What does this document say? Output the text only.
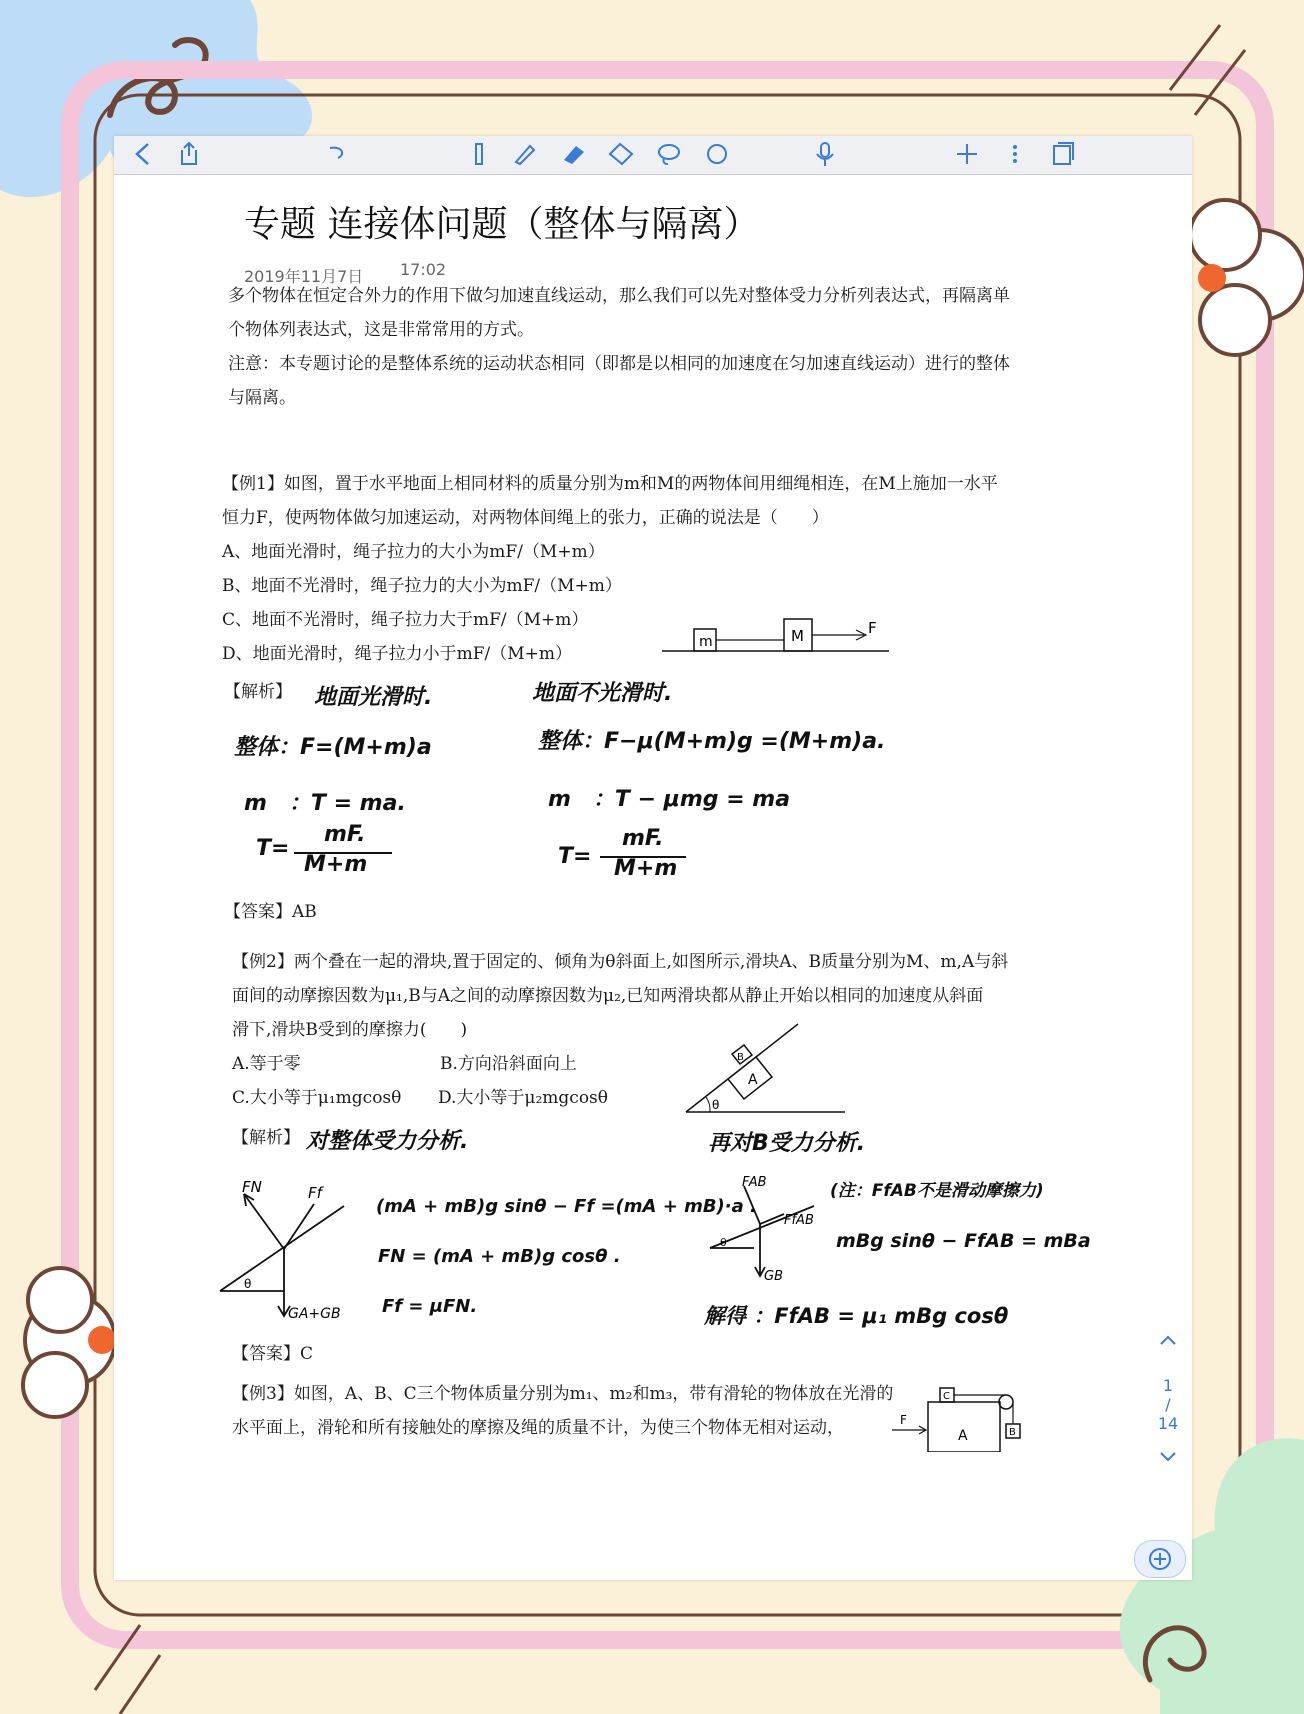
专题 连接体问题（整体与隔离）
2019年11月7日 17:02
多个物体在恒定合外力的作用下做匀加速直线运动，那么我们可以先对整体受力分析列表达式，再隔离单
个物体列表达式，这是非常常用的方式。
注意：本专题讨论的是整体系统的运动状态相同（即都是以相同的加速度在匀加速直线运动）进行的整体
与隔离。
【例1】如图，置于水平地面上相同材料的质量分别为m和M的两物体间用细绳相连，在M上施加一水平
恒力F，使两物体做匀加速运动，对两物体间绳上的张力，正确的说法是（　　）
A、地面光滑时，绳子拉力的大小为mF/（M+m）
B、地面不光滑时，绳子拉力的大小为mF/（M+m）
C、地面不光滑时，绳子拉力大于mF/（M+m）
D、地面光滑时，绳子拉力小于mF/（M+m）
m	M	F
【解析】 地面光滑时.
整体：F=(M+m)a
m　：T = ma.
T=
mF.
M+m
地面不光滑时.
整体：F−μ(M+m)g =(M+m)a.
m　：T − μmg = ma
T=
mF.
M+m
【答案】AB
【例2】两个叠在一起的滑块,置于固定的、倾角为θ斜面上,如图所示,滑块A、B质量分别为M、m,A与斜
面间的动摩擦因数为μ₁,B与A之间的动摩擦因数为μ₂,已知两滑块都从静止开始以相同的加速度从斜面
滑下,滑块B受到的摩擦力(　　)
A.等于零	B.方向沿斜面向上
C.大小等于μ₁mgcosθ D.大小等于μ₂mgcosθ
A
B
θ
【解析】 对整体受力分析.
FN	Ff
GA+GB
θ
(mA + mB)g sinθ − Ff =(mA + mB)·a .
FN = (mA + mB)g cosθ .
Ff = μFN.
再对B受力分析.
(注：FfAB不是滑动摩擦力)
FAB
FfAB
GB
θ	mBg sinθ − FfAB = mBa
解得 ：FfAB = μ₁ mBg cosθ
【答案】C
【例3】如图，A、B、C三个物体质量分别为m₁、m₂和m₃，带有滑轮的物体放在光滑的
水平面上，滑轮和所有接触处的摩擦及绳的质量不计，为使三个物体无相对运动，	A
C
B
F
1
/
14
